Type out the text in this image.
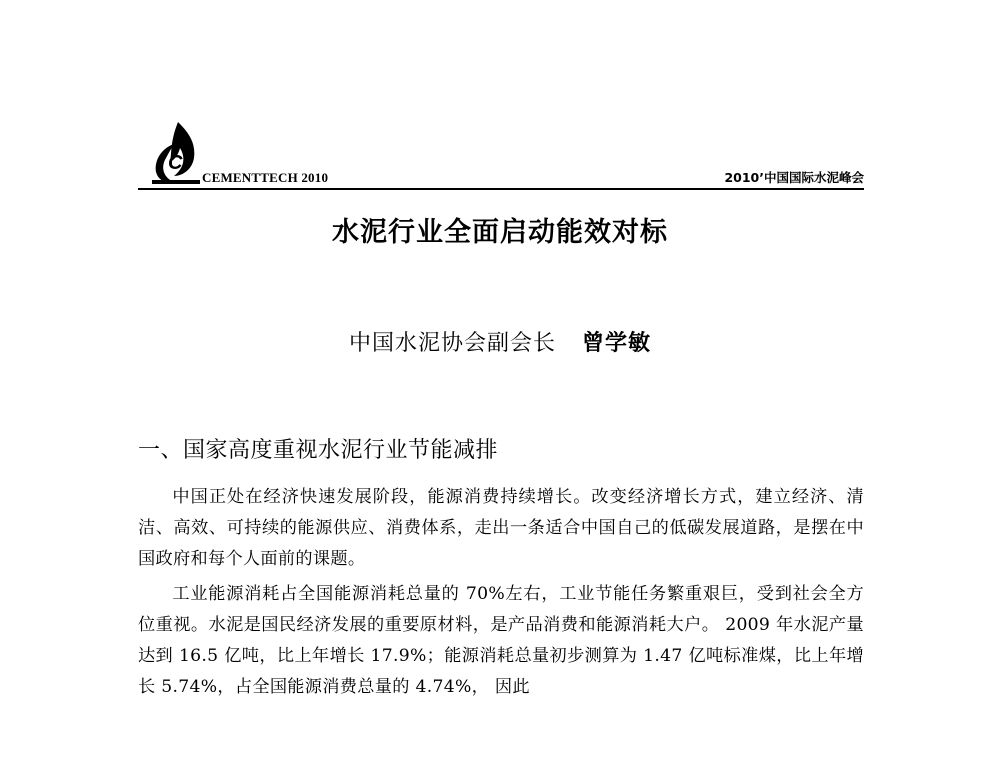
C
CEMENTTECH 2010	2010’中国国际水泥峰会
水泥行业全面启动能效对标
中国水泥协会副会长 曾学敏
一、国家高度重视水泥行业节能减排

中国正处在经济快速发展阶段，能源消费持续增长。改变经济增长方式，建立经济、清洁、高效、可持续的能源供应、消费体系，走出一条适合中国自己的低碳发展道路，是摆在中国政府和每个人面前的课题。

工业能源消耗占全国能源消耗总量的 70%左右，工业节能任务繁重艰巨，受到社会全方位重视。水泥是国民经济发展的重要原材料，是产品消费和能源消耗大户。 2009 年水泥产量达到 16.5 亿吨，比上年增长 17.9%；能源消耗总量初步测算为 1.47 亿吨标准煤，比上年增长 5.74%，占全国能源消费总量的 4.74%， 因此
